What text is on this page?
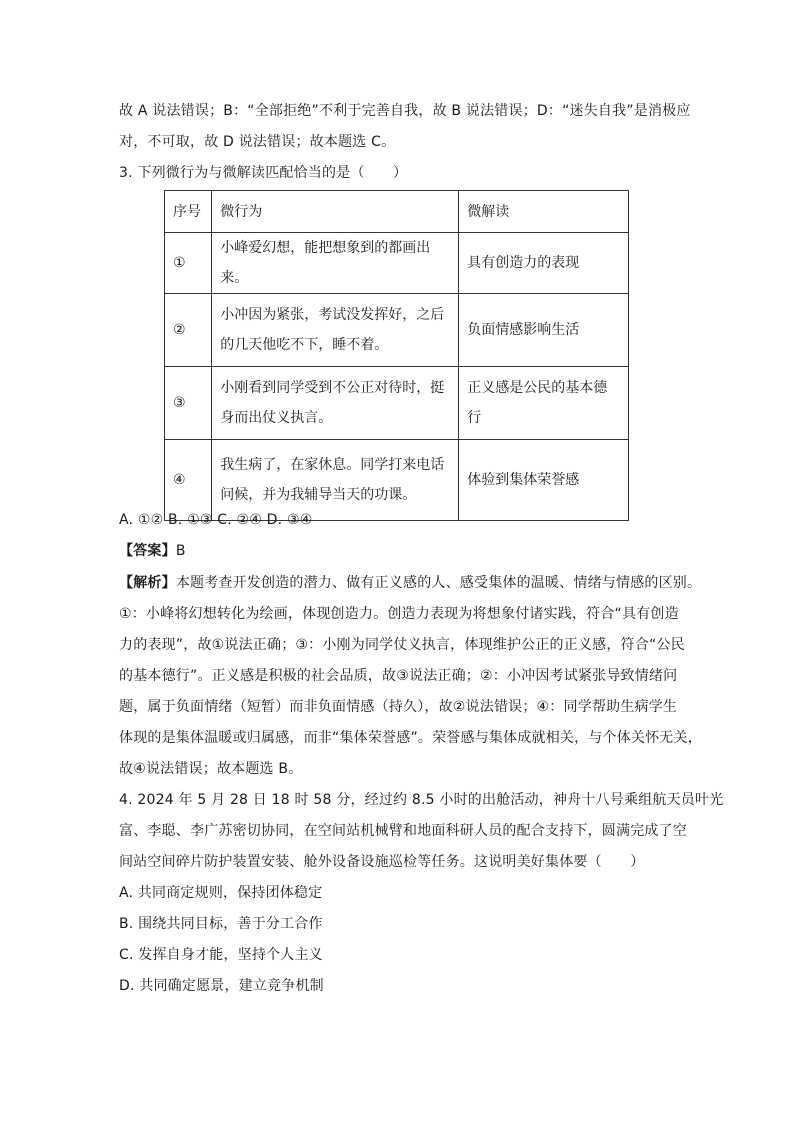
故 A 说法错误；B：“全部拒绝”不利于完善自我，故 B 说法错误；D：“迷失自我”是消极应
对，不可取，故 D 说法错误；故本题选 C。
3. 下列微行为与微解读匹配恰当的是（　　）
序号	微行为	微解读
①	小峰爱幻想，能把想象到的都画出来。	具有创造力的表现
②	小冲因为紧张，考试没发挥好，之后的几天他吃不下，睡不着。	负面情感影响生活
③	小刚看到同学受到不公正对待时，挺身而出仗义执言。	正义感是公民的基本德行
④	我生病了，在家休息。同学打来电话问候，并为我辅导当天的功课。	体验到集体荣誉感
A. ①② B. ①③ C. ②④ D. ③④
【答案】B
【解析】本题考查开发创造的潜力、做有正义感的人、感受集体的温暖、情绪与情感的区别。
①：小峰将幻想转化为绘画，体现创造力。创造力表现为将想象付诸实践，符合“具有创造
力的表现”，故①说法正确；③：小刚为同学仗义执言，体现维护公正的正义感，符合“公民
的基本德行”。正义感是积极的社会品质，故③说法正确；②：小冲因考试紧张导致情绪问
题，属于负面情绪（短暂）而非负面情感（持久），故②说法错误；④：同学帮助生病学生
体现的是集体温暖或归属感，而非“集体荣誉感”。荣誉感与集体成就相关，与个体关怀无关，
故④说法错误；故本题选 B。
4. 2024 年 5 月 28 日 18 时 58 分，经过约 8.5 小时的出舱活动，神舟十八号乘组航天员叶光
富、李聪、李广苏密切协同，在空间站机械臂和地面科研人员的配合支持下，圆满完成了空
间站空间碎片防护装置安装、舱外设备设施巡检等任务。这说明美好集体要（　　）
A. 共同商定规则，保持团体稳定
B. 围绕共同目标，善于分工合作
C. 发挥自身才能，坚持个人主义
D. 共同确定愿景，建立竞争机制
